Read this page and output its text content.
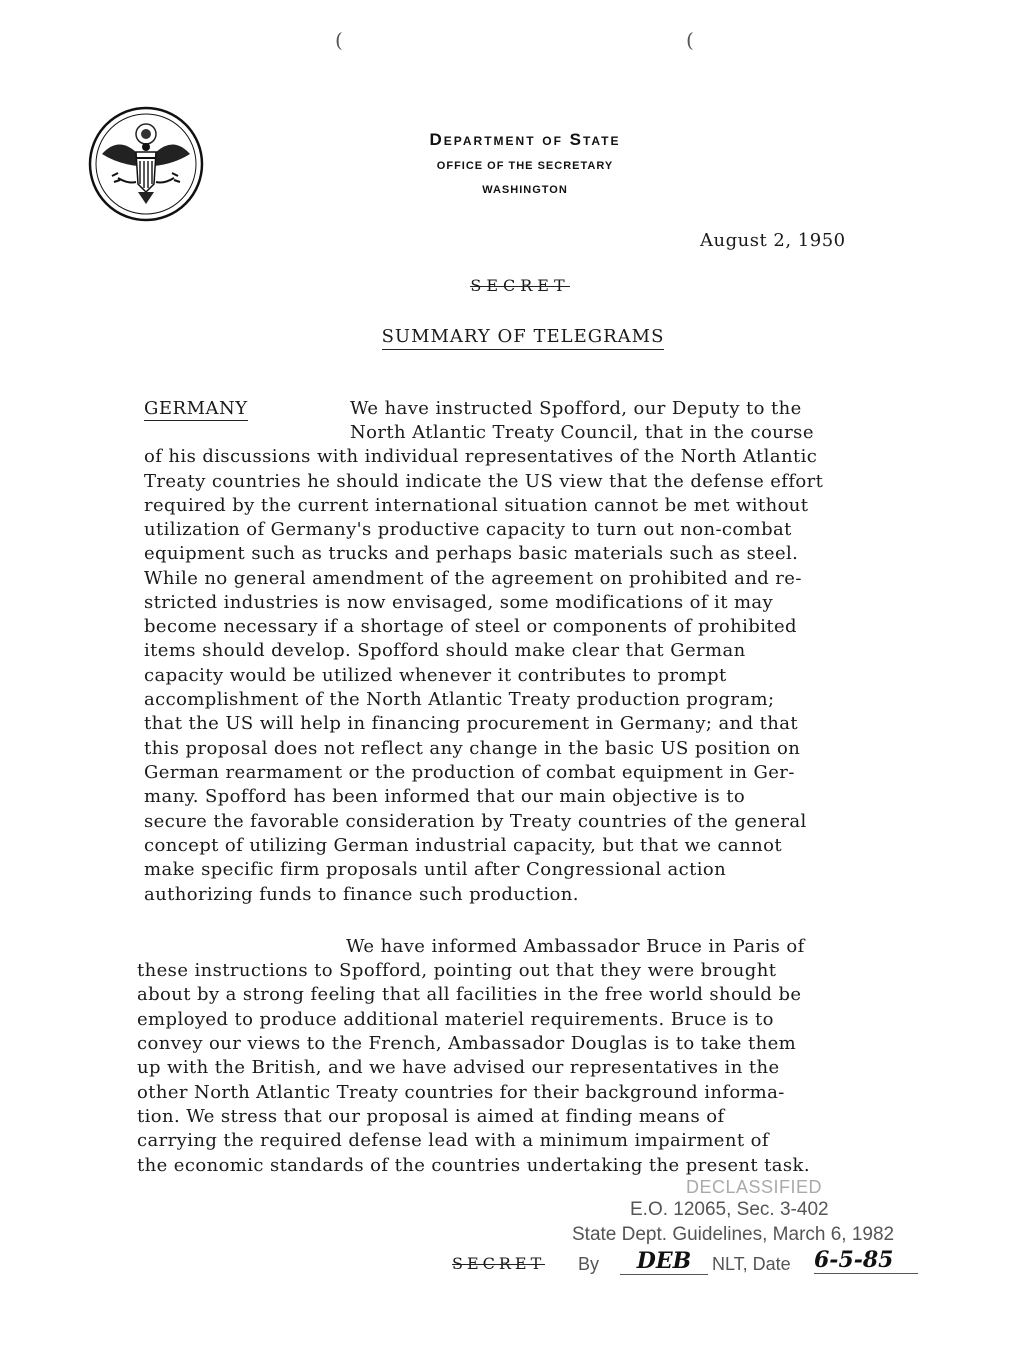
(	(
Department of State
OFFICE OF THE SECRETARY
WASHINGTON
August 2, 1950
SECRET
SUMMARY OF TELEGRAMS
GERMANY	We have instructed Spofford, our Deputy to the
North Atlantic Treaty Council, that in the course
of his discussions with individual representatives of the North Atlantic
Treaty countries he should indicate the US view that the defense effort
required by the current international situation cannot be met without
utilization of Germany's productive capacity to turn out non-combat
equipment such as trucks and perhaps basic materials such as steel.
While no general amendment of the agreement on prohibited and re-
stricted industries is now envisaged, some modifications of it may
become necessary if a shortage of steel or components of prohibited
items should develop. Spofford should make clear that German
capacity would be utilized whenever it contributes to prompt
accomplishment of the North Atlantic Treaty production program;
that the US will help in financing procurement in Germany; and that
this proposal does not reflect any change in the basic US position on
German rearmament or the production of combat equipment in Ger-
many. Spofford has been informed that our main objective is to
secure the favorable consideration by Treaty countries of the general
concept of utilizing German industrial capacity, but that we cannot
make specific firm proposals until after Congressional action
authorizing funds to finance such production.
We have informed Ambassador Bruce in Paris of
these instructions to Spofford, pointing out that they were brought
about by a strong feeling that all facilities in the free world should be
employed to produce additional materiel requirements. Bruce is to
convey our views to the French, Ambassador Douglas is to take them
up with the British, and we have advised our representatives in the
other North Atlantic Treaty countries for their background informa-
tion. We stress that our proposal is aimed at finding means of
carrying the required defense lead with a minimum impairment of
the economic standards of the countries undertaking the present task.
DECLASSIFIED
E.O. 12065, Sec. 3-402
State Dept. Guidelines, March 6, 1982
SECRET By	DEB	NLT, Date 6-5-85
